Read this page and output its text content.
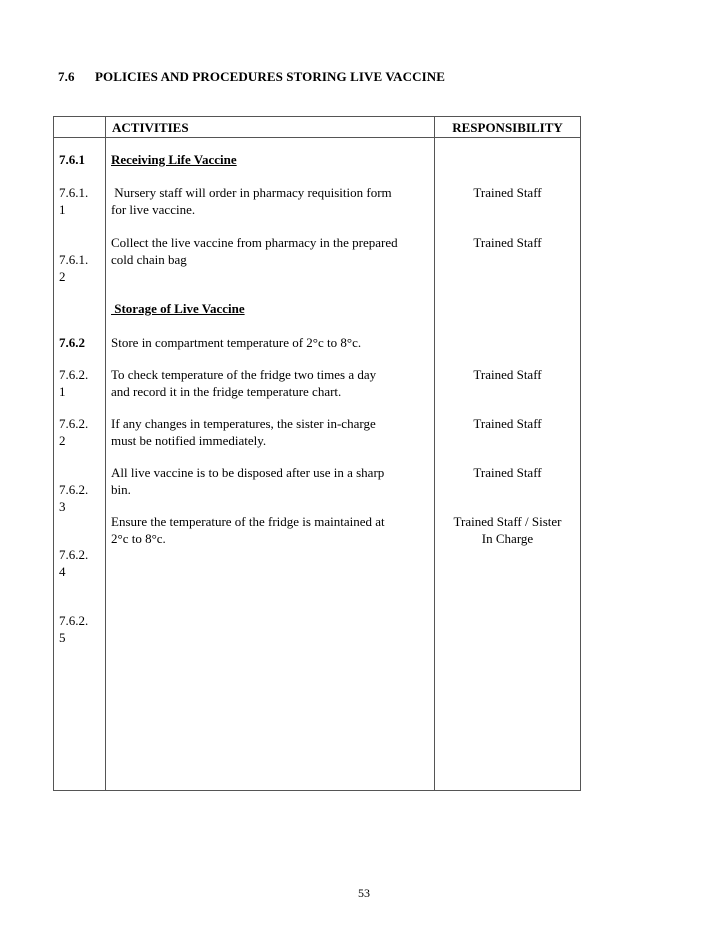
7.6 POLICIES AND PROCEDURES STORING LIVE VACCINE
ACTIVITIES	RESPONSIBILITY
7.6.1
7.6.1.
1
7.6.1.
2
7.6.2
7.6.2.
1
7.6.2.
2
7.6.2.
3
7.6.2.
4
7.6.2.
5
Receiving Life Vaccine
Nursery staff will order in pharmacy requisition form
for live vaccine.
Collect the live vaccine from pharmacy in the prepared
cold chain bag
Storage of Live Vaccine
Store in compartment temperature of 2°c to 8°c.
To check temperature of the fridge two times a day
and record it in the fridge temperature chart.
If any changes in temperatures, the sister in-charge
must be notified immediately.
All live vaccine is to be disposed after use in a sharp
bin.
Ensure the temperature of the fridge is maintained at
2°c to 8°c.
Trained Staff
Trained Staff
Trained Staff
Trained Staff
Trained Staff
Trained Staff / Sister
In Charge
53
